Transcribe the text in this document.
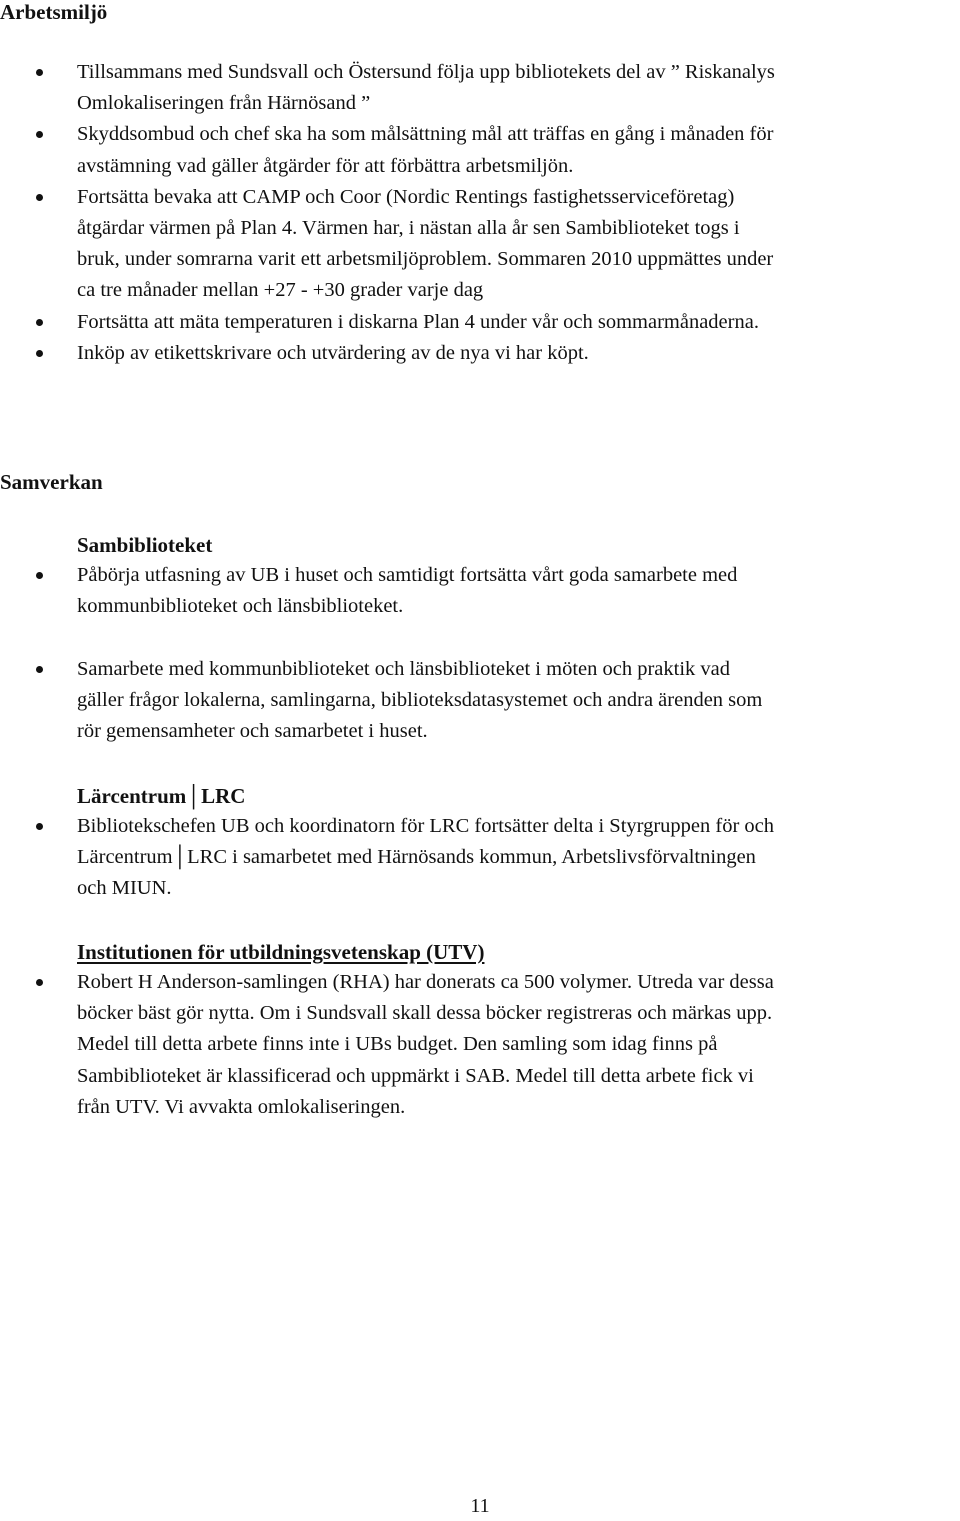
Arbetsmiljö
Tillsammans med Sundsvall och Östersund följa upp bibliotekets del av ” Riskanalys
Omlokaliseringen från Härnösand ”
Skyddsombud och chef ska ha som målsättning mål att träffas en gång i månaden för
avstämning vad gäller åtgärder för att förbättra arbetsmiljön.
Fortsätta bevaka att CAMP och Coor (Nordic Rentings fastighetsserviceföretag)
åtgärdar värmen på Plan 4. Värmen har, i nästan alla år sen Sambiblioteket togs i
bruk, under somrarna varit ett arbetsmiljöproblem. Sommaren 2010 uppmättes under
ca tre månader mellan +27 - +30 grader varje dag
Fortsätta att mäta temperaturen i diskarna Plan 4 under vår och sommarmånaderna.
Inköp av etikettskrivare och utvärdering av de nya vi har köpt.
Samverkan
Sambiblioteket
Påbörja utfasning av UB i huset och samtidigt fortsätta vårt goda samarbete med
kommunbiblioteket och länsbiblioteket.
Samarbete med kommunbiblioteket och länsbiblioteket i möten och praktik vad
gäller frågor lokalerna, samlingarna, biblioteksdatasystemet och andra ärenden som
rör gemensamheter och samarbetet i huset.
Lärcentrum│LRC
Bibliotekschefen UB och koordinatorn för LRC fortsätter delta i Styrgruppen för och
Lärcentrum│LRC i samarbetet med Härnösands kommun, Arbetslivsförvaltningen
och MIUN.
Institutionen för utbildningsvetenskap (UTV)
Robert H Anderson-samlingen (RHA) har donerats ca 500 volymer. Utreda var dessa
böcker bäst gör nytta. Om i Sundsvall skall dessa böcker registreras och märkas upp.
Medel till detta arbete finns inte i UBs budget. Den samling som idag finns på
Sambiblioteket är klassificerad och uppmärkt i SAB. Medel till detta arbete fick vi
från UTV. Vi avvakta omlokaliseringen.
11
